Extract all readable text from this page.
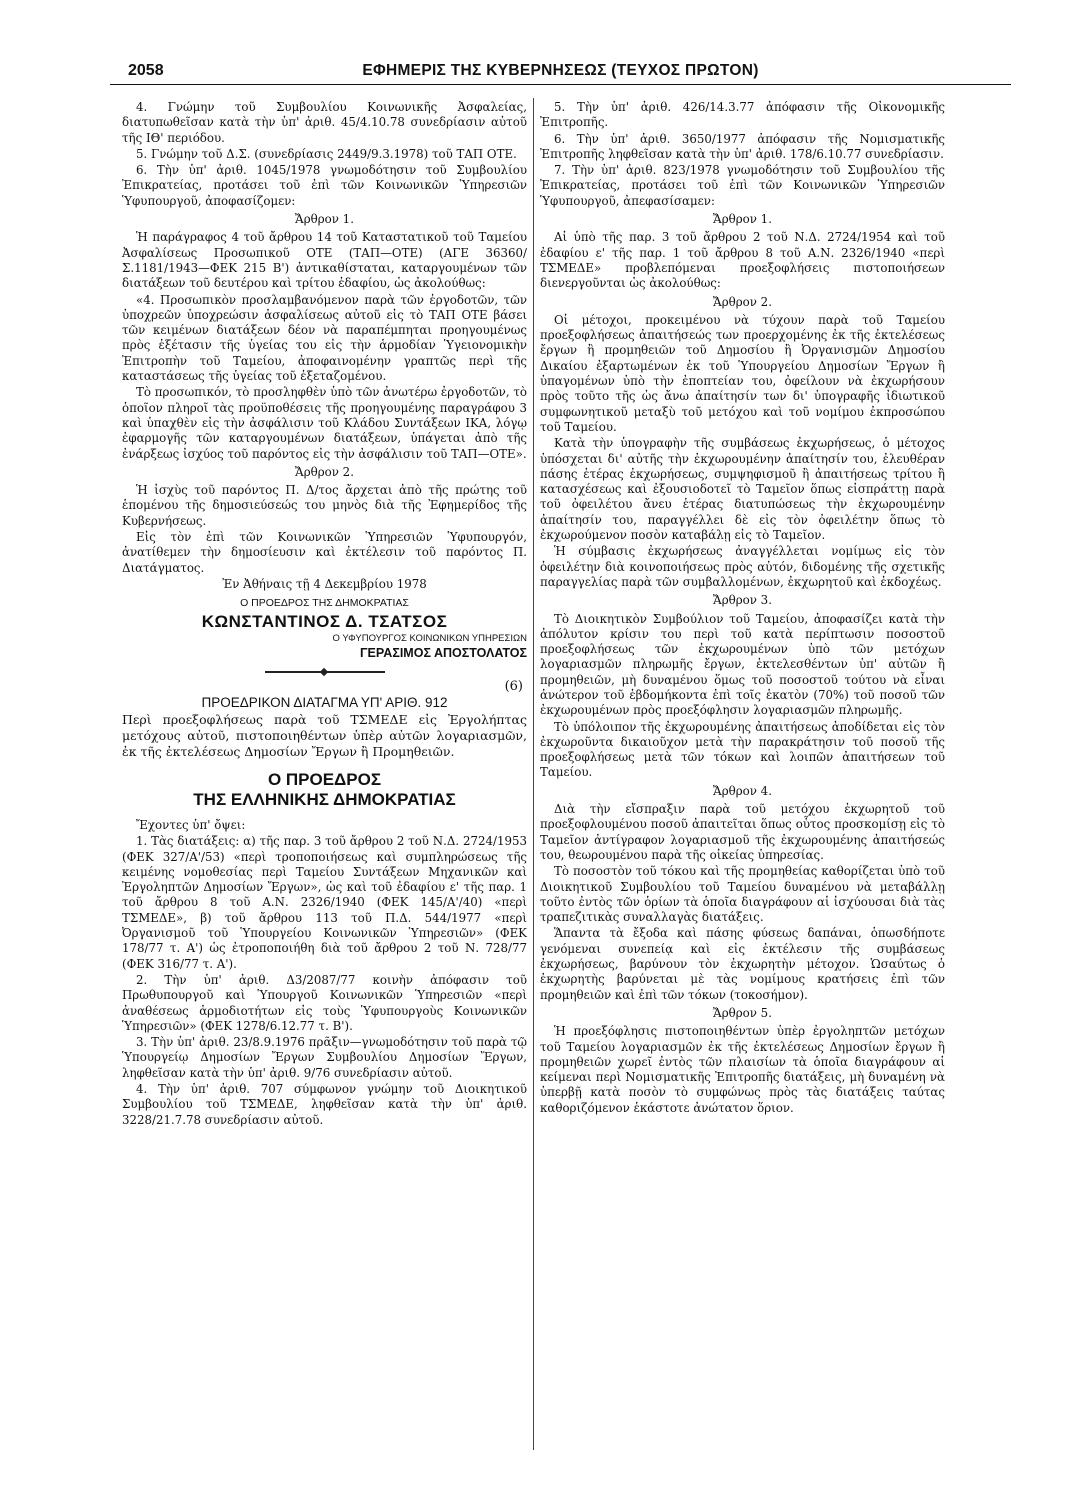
2058	ΕΦΗΜΕΡΙΣ ΤΗΣ ΚΥΒΕΡΝΗΣΕΩΣ (ΤΕΥΧΟΣ ΠΡΩΤΟΝ)

4. Γνώμην τοῦ Συμβουλίου Κοινωνικῆς Ἀσφαλείας, διατυπωθεῖσαν κατὰ τὴν ὑπ' ἀριθ. 45/4.10.78 συνεδρίασιν αὐτοῦ τῆς ΙΘ' περιόδου.

5. Γνώμην τοῦ Δ.Σ. (συνεδρίασις 2449/9.3.1978) τοῦ ΤΑΠ ΟΤΕ.

6. Τὴν ὑπ' ἀριθ. 1045/1978 γνωμοδότησιν τοῦ Συμβουλίου Ἐπικρατείας, προτάσει τοῦ ἐπὶ τῶν Κοινωνικῶν Ὑπηρεσιῶν Ὑφυπουργοῦ, ἀποφασίζομεν:

Ἄρθρον 1.

Ἡ παράγραφος 4 τοῦ ἄρθρου 14 τοῦ Καταστατικοῦ τοῦ Ταμείου Ἀσφαλίσεως Προσωπικοῦ ΟΤΕ (ΤΑΠ—ΟΤΕ) (ΑΓΕ 36360/Σ.1181/1943—ΦΕΚ 215 Β') ἀντικαθίσταται, καταργουμένων τῶν διατάξεων τοῦ δευτέρου καὶ τρίτου ἐδαφίου, ὡς ἀκολούθως:

«4. Προσωπικὸν προσλαμβανόμενον παρὰ τῶν ἐργοδοτῶν, τῶν ὑποχρεῶν ὑποχρεώσιν ἀσφαλίσεως αὐτοῦ εἰς τὸ ΤΑΠ ΟΤΕ βάσει τῶν κειμένων διατάξεων δέον νὰ παραπέμπηται προηγουμένως πρὸς ἐξέτασιν τῆς ὑγείας του εἰς τὴν ἁρμοδίαν Ὑγειονομικὴν Ἐπιτροπὴν τοῦ Ταμείου, ἀποφαινομένην γραπτῶς περὶ τῆς καταστάσεως τῆς ὑγείας τοῦ ἐξεταζομένου.

Τὸ προσωπικόν, τὸ προσληφθὲν ὑπὸ τῶν ἀνωτέρω ἐργοδοτῶν, τὸ ὁποῖον πληροῖ τὰς προϋποθέσεις τῆς προηγουμένης παραγράφου 3 καὶ ὑπαχθὲν εἰς τὴν ἀσφάλισιν τοῦ Κλάδου Συντάξεων ΙΚΑ, λόγῳ ἐφαρμογῆς τῶν καταργουμένων διατάξεων, ὑπάγεται ἀπὸ τῆς ἐνάρξεως ἰσχύος τοῦ παρόντος εἰς τὴν ἀσφάλισιν τοῦ ΤΑΠ—ΟΤΕ».

Ἄρθρον 2.

Ἡ ἰσχὺς τοῦ παρόντος Π. Δ/τος ἄρχεται ἀπὸ τῆς πρώτης τοῦ ἑπομένου τῆς δημοσιεύσεώς του μηνὸς διὰ τῆς Ἐφημερίδος τῆς Κυβερνήσεως.

Εἰς τὸν ἐπὶ τῶν Κοινωνικῶν Ὑπηρεσιῶν Ὑφυπουργόν, ἀνατίθεμεν τὴν δημοσίευσιν καὶ ἐκτέλεσιν τοῦ παρόντος Π. Διατάγματος.

Ἐν Ἀθήναις τῇ 4 Δεκεμβρίου 1978
Ο ΠΡΟΕΔΡΟΣ ΤΗΣ ΔΗΜΟΚΡΑΤΙΑΣ
ΚΩΝΣΤΑΝΤΙΝΟΣ Δ. ΤΣΑΤΣΟΣ
Ο ΥΦΥΠΟΥΡΓΟΣ ΚΟΙΝΩΝΙΚΩΝ ΥΠΗΡΕΣΙΩΝ
ΓΕΡΑΣΙΜΟΣ ΑΠΟΣΤΟΛΑΤΟΣ
(6)
ΠΡΟΕΔΡΙΚΟΝ ΔΙΑΤΑΓΜΑ ΥΠ' ΑΡΙΘ. 912
Περὶ προεξοφλήσεως παρὰ τοῦ ΤΣΜΕΔΕ εἰς Ἐργολήπτας μετόχους αὐτοῦ, πιστοποιηθέντων ὑπὲρ αὐτῶν λογαριασμῶν, ἐκ τῆς ἐκτελέσεως Δημοσίων Ἔργων ἢ Προμηθειῶν.
Ο ΠΡΟΕΔΡΟΣ
ΤΗΣ ΕΛΛΗΝΙΚΗΣ ΔΗΜΟΚΡΑΤΙΑΣ

Ἔχοντες ὑπ' ὄψει:

1. Τὰς διατάξεις: α) τῆς παρ. 3 τοῦ ἄρθρου 2 τοῦ Ν.Δ. 2724/1953 (ΦΕΚ 327/Α'/53) «περὶ τροποποιήσεως καὶ συμπληρώσεως τῆς κειμένης νομοθεσίας περὶ Ταμείου Συντάξεων Μηχανικῶν καὶ Ἐργοληπτῶν Δημοσίων Ἔργων», ὡς καὶ τοῦ ἐδαφίου ε' τῆς παρ. 1 τοῦ ἄρθρου 8 τοῦ Α.Ν. 2326/1940 (ΦΕΚ 145/Α'/40) «περὶ ΤΣΜΕΔΕ», β) τοῦ ἄρθρου 113 τοῦ Π.Δ. 544/1977 «περὶ Ὀργανισμοῦ τοῦ Ὑπουργείου Κοινωνικῶν Ὑπηρεσιῶν» (ΦΕΚ 178/77 τ. Α') ὡς ἐτροποποιήθη διὰ τοῦ ἄρθρου 2 τοῦ Ν. 728/77 (ΦΕΚ 316/77 τ. Α').

2. Τὴν ὑπ' ἀριθ. Δ3/2087/77 κοινὴν ἀπόφασιν τοῦ Πρωθυπουργοῦ καὶ Ὑπουργοῦ Κοινωνικῶν Ὑπηρεσιῶν «περὶ ἀναθέσεως ἁρμοδιοτήτων εἰς τοὺς Ὑφυπουργοὺς Κοινωνικῶν Ὑπηρεσιῶν» (ΦΕΚ 1278/6.12.77 τ. Β').

3. Τὴν ὑπ' ἀριθ. 23/8.9.1976 πρᾶξιν—γνωμοδότησιν τοῦ παρὰ τῷ Ὑπουργείῳ Δημοσίων Ἔργων Συμβουλίου Δημοσίων Ἔργων, ληφθεῖσαν κατὰ τὴν ὑπ' ἀριθ. 9/76 συνεδρίασιν αὐτοῦ.

4. Τὴν ὑπ' ἀριθ. 707 σύμφωνον γνώμην τοῦ Διοικητικοῦ Συμβουλίου τοῦ ΤΣΜΕΔΕ, ληφθεῖσαν κατὰ τὴν ὑπ' ἀριθ. 3228/21.7.78 συνεδρίασιν αὐτοῦ.

5. Τὴν ὑπ' ἀριθ. 426/14.3.77 ἀπόφασιν τῆς Οἰκονομικῆς Ἐπιτροπῆς.

6. Τὴν ὑπ' ἀριθ. 3650/1977 ἀπόφασιν τῆς Νομισματικῆς Ἐπιτροπῆς ληφθεῖσαν κατὰ τὴν ὑπ' ἀριθ. 178/6.10.77 συνεδρίασιν.

7. Τὴν ὑπ' ἀριθ. 823/1978 γνωμοδότησιν τοῦ Συμβουλίου τῆς Ἐπικρατείας, προτάσει τοῦ ἐπὶ τῶν Κοινωνικῶν Ὑπηρεσιῶν Ὑφυπουργοῦ, ἀπεφασίσαμεν:

Ἄρθρον 1.

Αἱ ὑπὸ τῆς παρ. 3 τοῦ ἄρθρου 2 τοῦ Ν.Δ. 2724/1954 καὶ τοῦ ἐδαφίου ε' τῆς παρ. 1 τοῦ ἄρθρου 8 τοῦ Α.Ν. 2326/1940 «περὶ ΤΣΜΕΔΕ» προβλεπόμεναι προεξοφλήσεις πιστοποιήσεων διενεργοῦνται ὡς ἀκολούθως:

Ἄρθρον 2.

Οἱ μέτοχοι, προκειμένου νὰ τύχουν παρὰ τοῦ Ταμείου προεξοφλήσεως ἀπαιτήσεώς των προερχομένης ἐκ τῆς ἐκτελέσεως ἔργων ἢ προμηθειῶν τοῦ Δημοσίου ἢ Ὀργανισμῶν Δημοσίου Δικαίου ἐξαρτωμένων ἐκ τοῦ Ὑπουργείου Δημοσίων Ἔργων ἢ ὑπαγομένων ὑπὸ τὴν ἐποπτείαν του, ὀφείλουν νὰ ἐκχωρήσουν πρὸς τοῦτο τῆς ὡς ἄνω ἀπαίτησίν των δι' ὑπογραφῆς ἰδιωτικοῦ συμφωνητικοῦ μεταξὺ τοῦ μετόχου καὶ τοῦ νομίμου ἐκπροσώπου τοῦ Ταμείου.

Κατὰ τὴν ὑπογραφὴν τῆς συμβάσεως ἐκχωρήσεως, ὁ μέτοχος ὑπόσχεται δι' αὐτῆς τὴν ἐκχωρουμένην ἀπαίτησίν του, ἐλευθέραν πάσης ἑτέρας ἐκχωρήσεως, συμψηφισμοῦ ἢ ἀπαιτήσεως τρίτου ἢ κατασχέσεως καὶ ἐξουσιοδοτεῖ τὸ Ταμεῖον ὅπως εἰσπράττῃ παρὰ τοῦ ὀφειλέτου ἄνευ ἑτέρας διατυπώσεως τὴν ἐκχωρουμένην ἀπαίτησίν του, παραγγέλλει δὲ εἰς τὸν ὀφειλέτην ὅπως τὸ ἐκχωρούμενον ποσὸν καταβάλῃ εἰς τὸ Ταμεῖον.

Ἡ σύμβασις ἐκχωρήσεως ἀναγγέλλεται νομίμως εἰς τὸν ὀφειλέτην διὰ κοινοποιήσεως πρὸς αὐτόν, διδομένης τῆς σχετικῆς παραγγελίας παρὰ τῶν συμβαλλομένων, ἐκχωρητοῦ καὶ ἐκδοχέως.

Ἄρθρον 3.

Τὸ Διοικητικὸν Συμβούλιον τοῦ Ταμείου, ἀποφασίζει κατὰ τὴν ἀπόλυτον κρίσιν του περὶ τοῦ κατὰ περίπτωσιν ποσοστοῦ προεξοφλήσεως τῶν ἐκχωρουμένων ὑπὸ τῶν μετόχων λογαριασμῶν πληρωμῆς ἔργων, ἐκτελεσθέντων ὑπ' αὐτῶν ἢ προμηθειῶν, μὴ δυναμένου ὅμως τοῦ ποσοστοῦ τούτου νὰ εἶναι ἀνώτερον τοῦ ἑβδομήκοντα ἐπὶ τοῖς ἑκατὸν (70%) τοῦ ποσοῦ τῶν ἐκχωρουμένων πρὸς προεξόφλησιν λογαριασμῶν πληρωμῆς.

Τὸ ὑπόλοιπον τῆς ἐκχωρουμένης ἀπαιτήσεως ἀποδίδεται εἰς τὸν ἐκχωροῦντα δικαιοῦχον μετὰ τὴν παρακράτησιν τοῦ ποσοῦ τῆς προεξοφλήσεως μετὰ τῶν τόκων καὶ λοιπῶν ἀπαιτήσεων τοῦ Ταμείου.

Ἄρθρον 4.

Διὰ τὴν εἴσπραξιν παρὰ τοῦ μετόχου ἐκχωρητοῦ τοῦ προεξοφλουμένου ποσοῦ ἀπαιτεῖται ὅπως οὗτος προσκομίσῃ εἰς τὸ Ταμεῖον ἀντίγραφον λογαριασμοῦ τῆς ἐκχωρουμένης ἀπαιτήσεώς του, θεωρουμένου παρὰ τῆς οἰκείας ὑπηρεσίας.

Τὸ ποσοστὸν τοῦ τόκου καὶ τῆς προμηθείας καθορίζεται ὑπὸ τοῦ Διοικητικοῦ Συμβουλίου τοῦ Ταμείου δυναμένου νὰ μεταβάλλῃ τοῦτο ἐντὸς τῶν ὁρίων τὰ ὁποῖα διαγράφουν αἱ ἰσχύουσαι διὰ τὰς τραπεζιτικὰς συναλλαγὰς διατάξεις.

Ἅπαντα τὰ ἔξοδα καὶ πάσης φύσεως δαπάναι, ὁπωσδήποτε γενόμεναι συνεπείᾳ καὶ εἰς ἐκτέλεσιν τῆς συμβάσεως ἐκχωρήσεως, βαρύνουν τὸν ἐκχωρητὴν μέτοχον. Ὡσαύτως ὁ ἐκχωρητὴς βαρύνεται μὲ τὰς νομίμους κρατήσεις ἐπὶ τῶν προμηθειῶν καὶ ἐπὶ τῶν τόκων (τοκοσήμον).

Ἄρθρον 5.

Ἡ προεξόφλησις πιστοποιηθέντων ὑπὲρ ἐργοληπτῶν μετόχων τοῦ Ταμείου λογαριασμῶν ἐκ τῆς ἐκτελέσεως Δημοσίων ἔργων ἢ προμηθειῶν χωρεῖ ἐντὸς τῶν πλαισίων τὰ ὁποῖα διαγράφουν αἱ κείμεναι περὶ Νομισματικῆς Ἐπιτροπῆς διατάξεις, μὴ δυναμένη νὰ ὑπερβῇ κατὰ ποσὸν τὸ συμφώνως πρὸς τὰς διατάξεις ταύτας καθοριζόμενον ἑκάστοτε ἀνώτατον ὅριον.
